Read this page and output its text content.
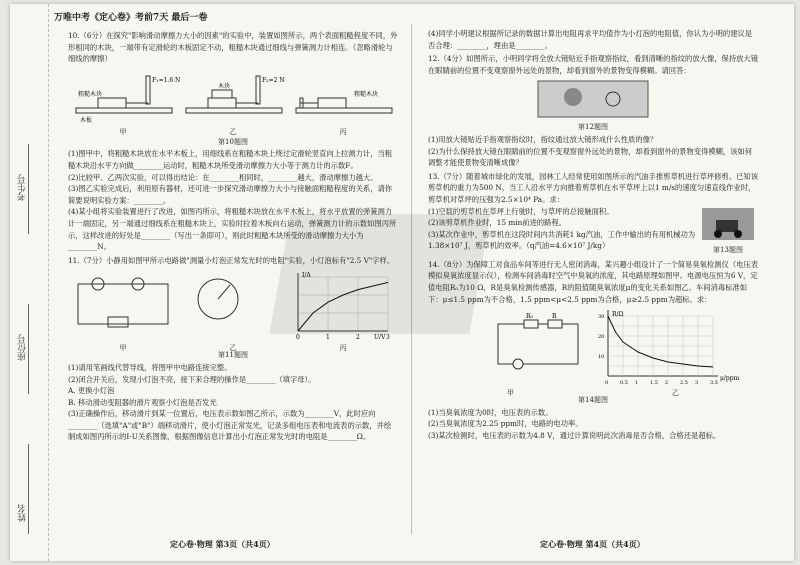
考生号
座位号
姓名
万唯中考《定心卷》考前7天 最后一卷

10.（6分）在探究"影响滑动摩擦力大小的因素"的实验中，装置如图所示，两个表面粗糙程度不同，外形相同的木块，一端带有定滑轮的木板固定不动，粗糙木块通过细线与弹簧测力计相连。（忽略滑轮与细线的摩擦）

F₁=1.6 N	F₂=2 N
粗糙木块
木板
木块
粗糙木块
甲	乙	丙

第10题图

(1)图甲中，将粗糙木块放在水平木板上，用细线系在粗糙木块上绕过定滑轮竖直向上拉测力计，当粗糙木块沿水平方向做________运动时，粗糙木块所受滑动摩擦力大小等于测力计的示数F。

(2)比较甲、乙两次实验，可以得出结论：在________相同时，________越大，滑动摩擦力越大。

(3)图乙实验完成后，利用原有器材，还可进一步探究滑动摩擦力大小与接触面粗糙程度的关系，请你简要说明实验方案：________。

(4)某小组将实验装置进行了改进，如图丙所示，将粗糙木块放在水平木板上，将水平放置的弹簧测力计一端固定，另一端通过细线系在粗糙木块上，实验时拉着木板向右运动，弹簧测力计的示数如图丙所示，这样改进的好处是________（写出一条即可），则此时粗糙木块所受的滑动摩擦力大小为________N。

11.（7分）小静用如图甲所示电路做"测量小灯泡正常发光时的电阻"实验，小灯泡标有"2.5 V"字样。

I/A
U/V
0	1	2	3
甲	乙	丙

第11题图

(1)请用笔画线代替导线，将图甲中电路连接完整。

(2)闭合开关后，发现小灯泡不亮，接下来合理的操作是________（填字母）。

A. 更换小灯泡

B. 移动滑动变阻器的滑片观察小灯泡是否发光

(3)正确操作后，移动滑片到某一位置后，电压表示数如图乙所示，示数为________V，此时应向________（选填"A"或"B"）端移动滑片，使小灯泡正常发光，记录多组电压表和电流表的示数，并绘制成如图丙所示的I-U关系图像，根据图像信息计算出小灯泡正常发光时的电阻是________Ω。

定心卷·物理 第3页（共4页）

(4)同学小明建议根据所记录的数据计算出电阻再求平均值作为小灯泡的电阻值，你认为小明的建议是否合理：________，理由是________。

12.（4分）如图所示，小明同学将全放大镜贴近手指观察指纹，看到清晰的指纹的放大像，保持放大镜在眼睛前的位置不变观察窗外远处的景物，却看到窗外的景物变得模糊。请回答：

第12题图

(1)用放大镜贴近手指观察指纹时，指纹通过放大镜形成什么性质的像？

(2)为什么保持放大镜在眼睛前的位置不变观察窗外远处的景物，却看到窗外的景物变得模糊，该如何调整才能使景物变清晰成像？

13.（7分）随着城市绿化的发展，园林工人经常使用如图所示的汽油手推剪草机进行草坪修剪。已知该剪草机的重力为500 N，当工人沿水平方向推着剪草机在水平草坪上以1 m/s的速度匀速直线作业时，剪草机对草坪的压强为2.5×10⁴ Pa。求：

(1)空载的剪草机在草坪上行驶时，与草坪的总接触面积。

(2)该剪草机作业时，15 min前进的路程。

(3)某次作业中，剪草机在这段时间内共消耗1 kg汽油，工作中输出的有用机械功为1.38×10⁷ J，剪草机的效率。（q汽油=4.6×10⁷ J/kg）	第13题图

14.（8分）为保障工对食品车间等进行无人密闭消毒，某兴趣小组设计了一个简易臭氧检测仪（电压表模拟臭氧浓度显示仪），检测车间消毒时空气中臭氧的浓度，其电路原理如图甲。电源电压恒为6 V，定值电阻R₀为10 Ω，R是臭氧检测传感器，R的阻值随臭氧浓度μ的变化关系如图乙。车间消毒标准如下：μ≤1.5 ppm为不合格，1.5 ppm<μ<2.5 ppm为合格，μ≥2.5 ppm为超标。求：

R₀	R	R/Ω
μ/ppm
0 0.5 1 1.5 2 2.5 3 3.5
10
20
30
甲	乙

第14题图

(1)当臭氧浓度为0时，电压表的示数。

(2)当臭氧浓度为2.25 ppm时，电路的电功率。

(3)某次检测时，电压表的示数为4.8 V，通过计算说明此次消毒是否合格，合格还是超标。

定心卷·物理 第4页（共4页）
